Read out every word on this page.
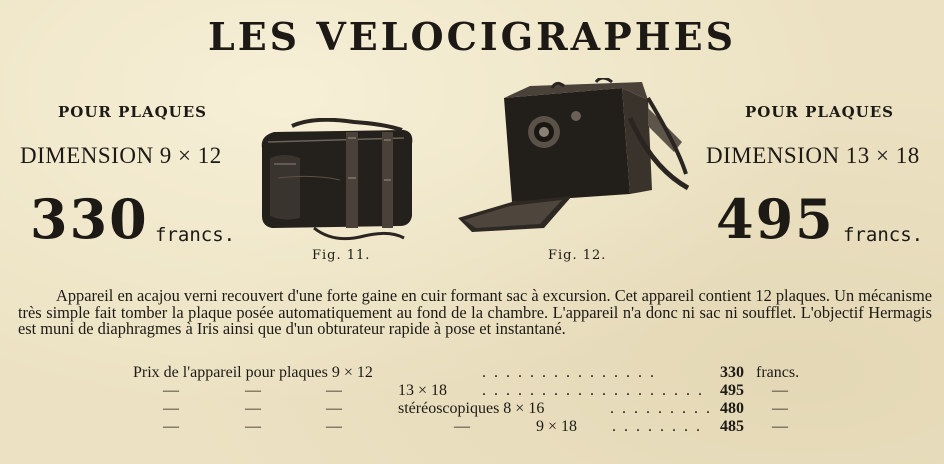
LES VELOCIGRAPHES
POUR PLAQUES
DIMENSION 9 × 12
330 francs.
Fig. 11.	Fig. 12.
POUR PLAQUES
DIMENSION 13 × 18
495 francs.
Appareil en acajou verni recouvert d'une forte gaine en cuir formant sac à excursion. Cet appareil contient 12 plaques. Un mécanisme très simple fait tomber la plaque posée automatiquement au fond de la chambre. L'appareil n'a donc ni sac ni soufflet. L'objectif Hermagis est muni de diaphragmes à Iris ainsi que d'un obturateur rapide à pose et instantané.
Prix de l'appareil pour plaques 9 × 12	. . . . . . . . . . . . . . .	330 francs.
—	—	—	13 × 18 . . . . . . . . . . . . . . . . . . . 495 —
—	—	—	stéréoscopiques 8 × 16	. . . . . . . . . 480 —
—	—	—	—	9 × 18 . . . . . . . . 485 —
